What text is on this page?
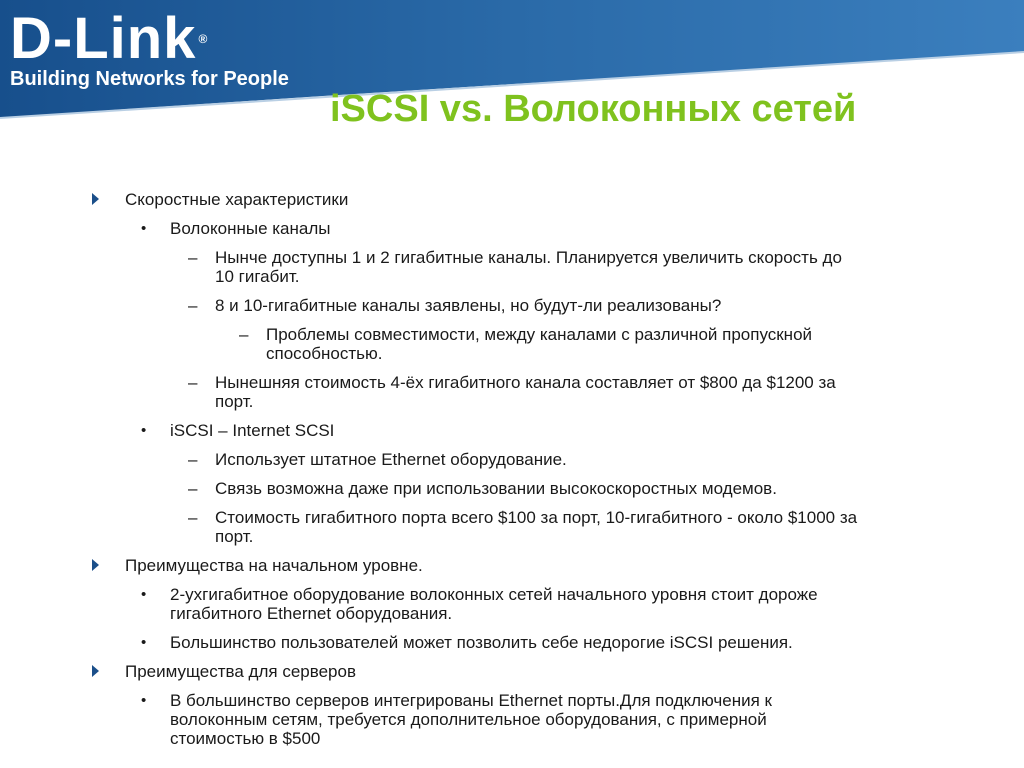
D-Link ®
Building Networks for People
iSCSI vs. Волоконных сетей
Скоростные характеристики
• Волоконные каналы
– Нынче доступны 1 и 2 гигабитные каналы. Планируется увеличить скорость до
10 гигабит.
– 8 и 10-гигабитные каналы заявлены, но будут-ли реализованы?
– Проблемы совместимости, между каналами с различной пропускной
способностью.
– Нынешняя стоимость 4-ёх гигабитного канала составляет от $800 да $1200 за
порт.
• iSCSI – Internet SCSI
– Использует штатное Ethernet оборудование.
– Связь возможна даже при использовании высокоскоростных модемов.
– Стоимость гигабитного порта всего $100 за порт, 10-гигабитного - около $1000 за
порт.
Преимущества на начальном уровне.
• 2-ухгигабитное оборудование волоконных сетей начального уровня стоит дороже
гигабитного Ethernet оборудования.
• Большинство пользователей может позволить себе недорогие iSCSI решения.
Преимущества для серверов
• В большинство серверов интегрированы Ethernet порты.Для подключения к
волоконным сетям, требуется дополнительное оборудования, с примерной
стоимостью в $500
